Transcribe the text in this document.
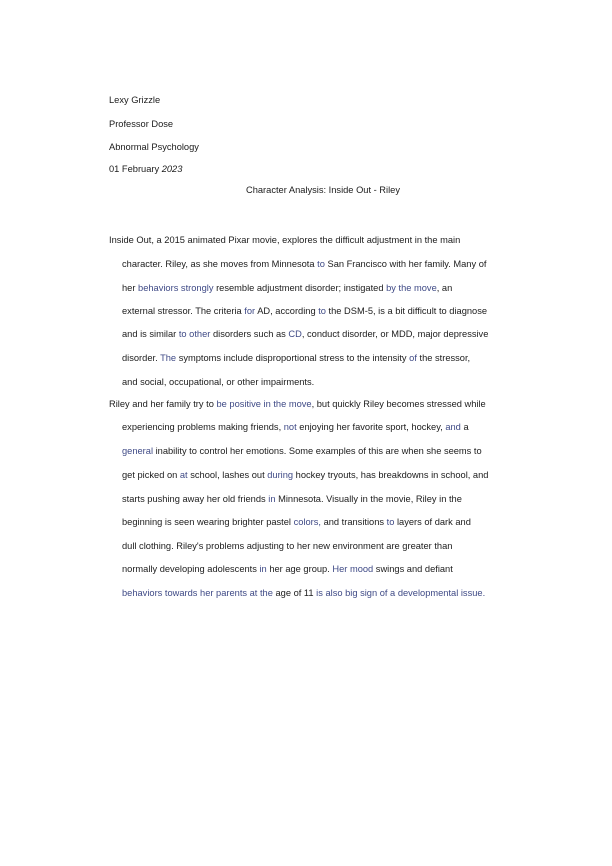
Lexy Grizzle
Professor Dose
Abnormal Psychology
01 February 2023
Character Analysis: Inside Out - Riley
Inside Out, a 2015 animated Pixar movie, explores the difficult adjustment in the main
character. Riley, as she moves from Minnesota to San Francisco with her family. Many of
her behaviors strongly resemble adjustment disorder; instigated by the move, an
external stressor. The criteria for AD, according to the DSM-5, is a bit difficult to diagnose
and is similar to other disorders such as CD, conduct disorder, or MDD, major depressive
disorder. The symptoms include disproportional stress to the intensity of the stressor,
and social, occupational, or other impairments.
Riley and her family try to be positive in the move, but quickly Riley becomes stressed while
experiencing problems making friends, not enjoying her favorite sport, hockey, and a
general inability to control her emotions. Some examples of this are when she seems to
get picked on at school, lashes out during hockey tryouts, has breakdowns in school, and
starts pushing away her old friends in Minnesota. Visually in the movie, Riley in the
beginning is seen wearing brighter pastel colors, and transitions to layers of dark and
dull clothing. Riley's problems adjusting to her new environment are greater than
normally developing adolescents in her age group. Her mood swings and defiant
behaviors towards her parents at the age of 11 is also big sign of a developmental issue.
